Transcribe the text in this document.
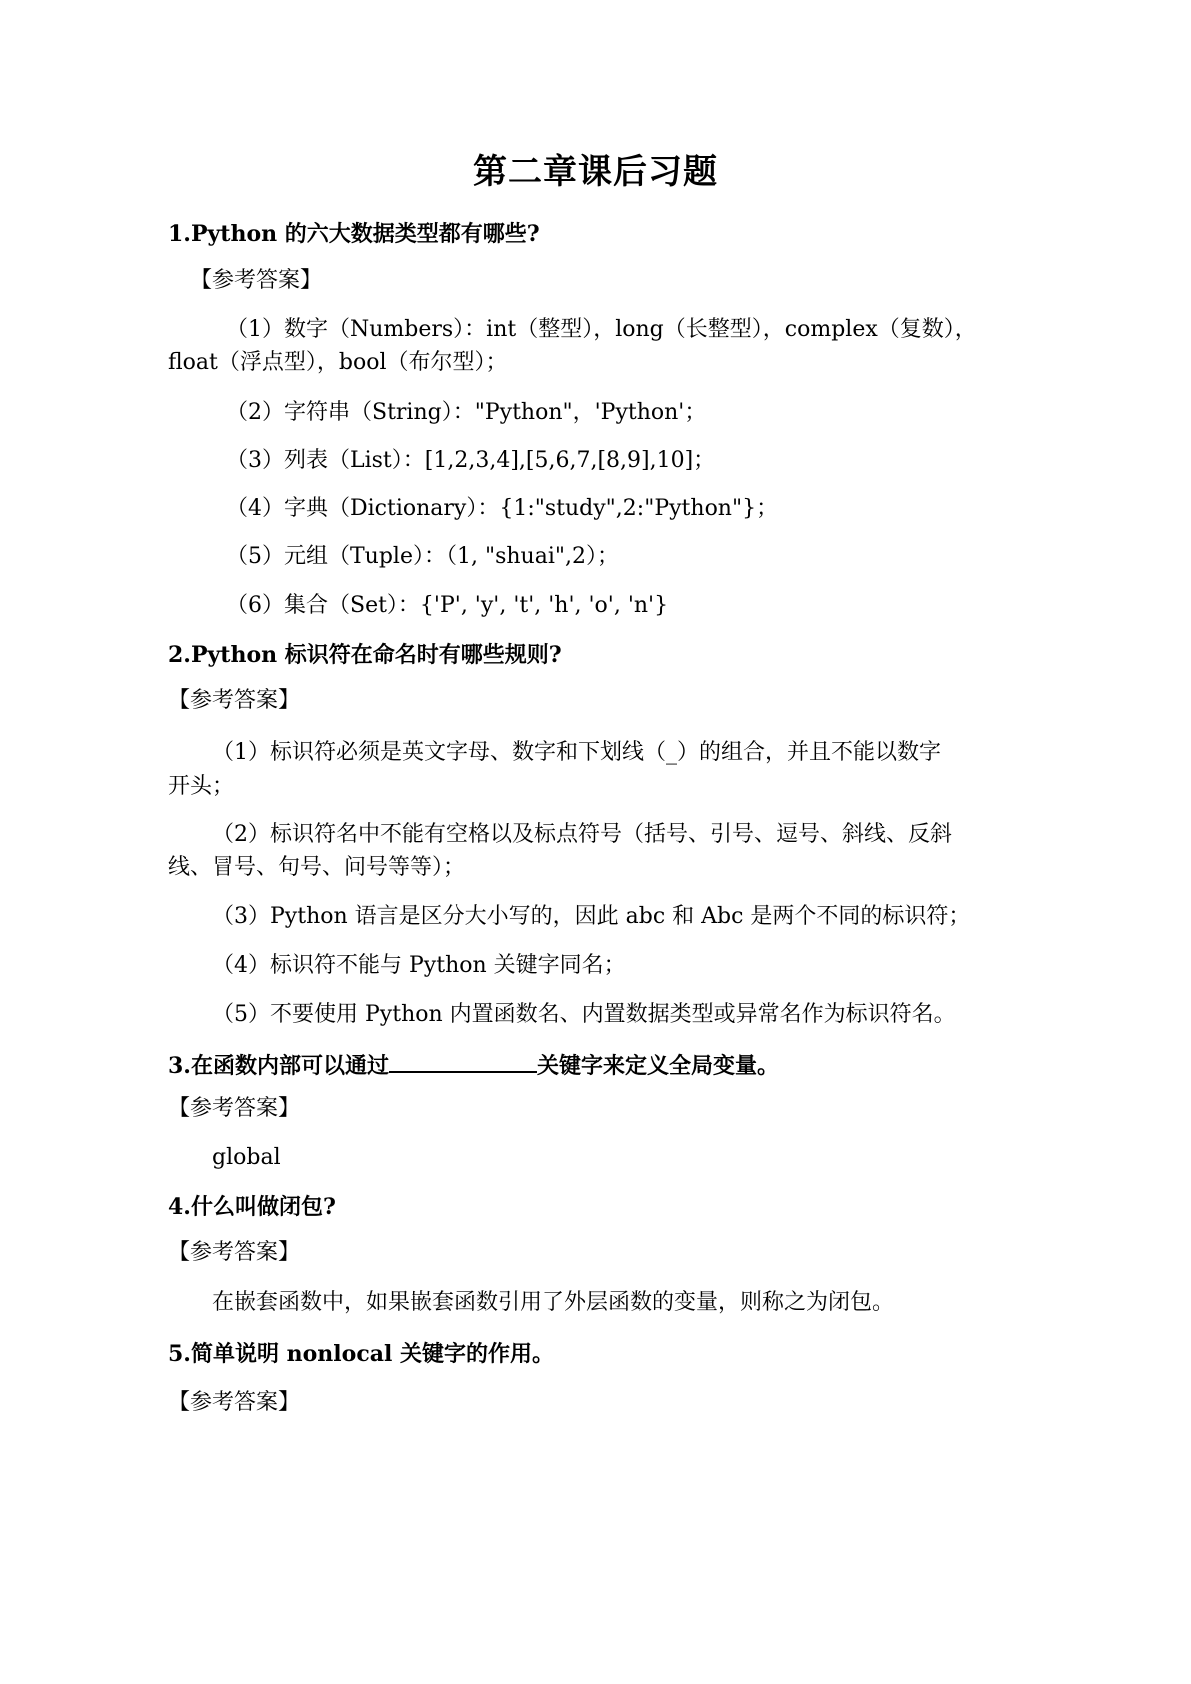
第二章课后习题
1.Python 的六大数据类型都有哪些?
【参考答案】
（1）数字（Numbers）：int（整型），long（长整型），complex（复数），
float（浮点型），bool（布尔型）；
（2）字符串（String）："Python"，'Python'；
（3）列表（List）：[1,2,3,4],[5,6,7,[8,9],10]；
（4）字典（Dictionary）：{1:"study",2:"Python"}；
（5）元组（Tuple）：（1, "shuai",2）；
（6）集合（Set）：{'P', 'y', 't', 'h', 'o', 'n'}
2.Python 标识符在命名时有哪些规则?
【参考答案】
（1）标识符必须是英文字母、数字和下划线（_）的组合，并且不能以数字
开头；
（2）标识符名中不能有空格以及标点符号（括号、引号、逗号、斜线、反斜
线、冒号、句号、问号等等）；
（3）Python 语言是区分大小写的，因此 abc 和 Abc 是两个不同的标识符；
（4）标识符不能与 Python 关键字同名；
（5）不要使用 Python 内置函数名、内置数据类型或异常名作为标识符名。
3.在函数内部可以通过	关键字来定义全局变量。
【参考答案】
global
4.什么叫做闭包?
【参考答案】
在嵌套函数中，如果嵌套函数引用了外层函数的变量，则称之为闭包。
5.简单说明 nonlocal 关键字的作用。
【参考答案】
